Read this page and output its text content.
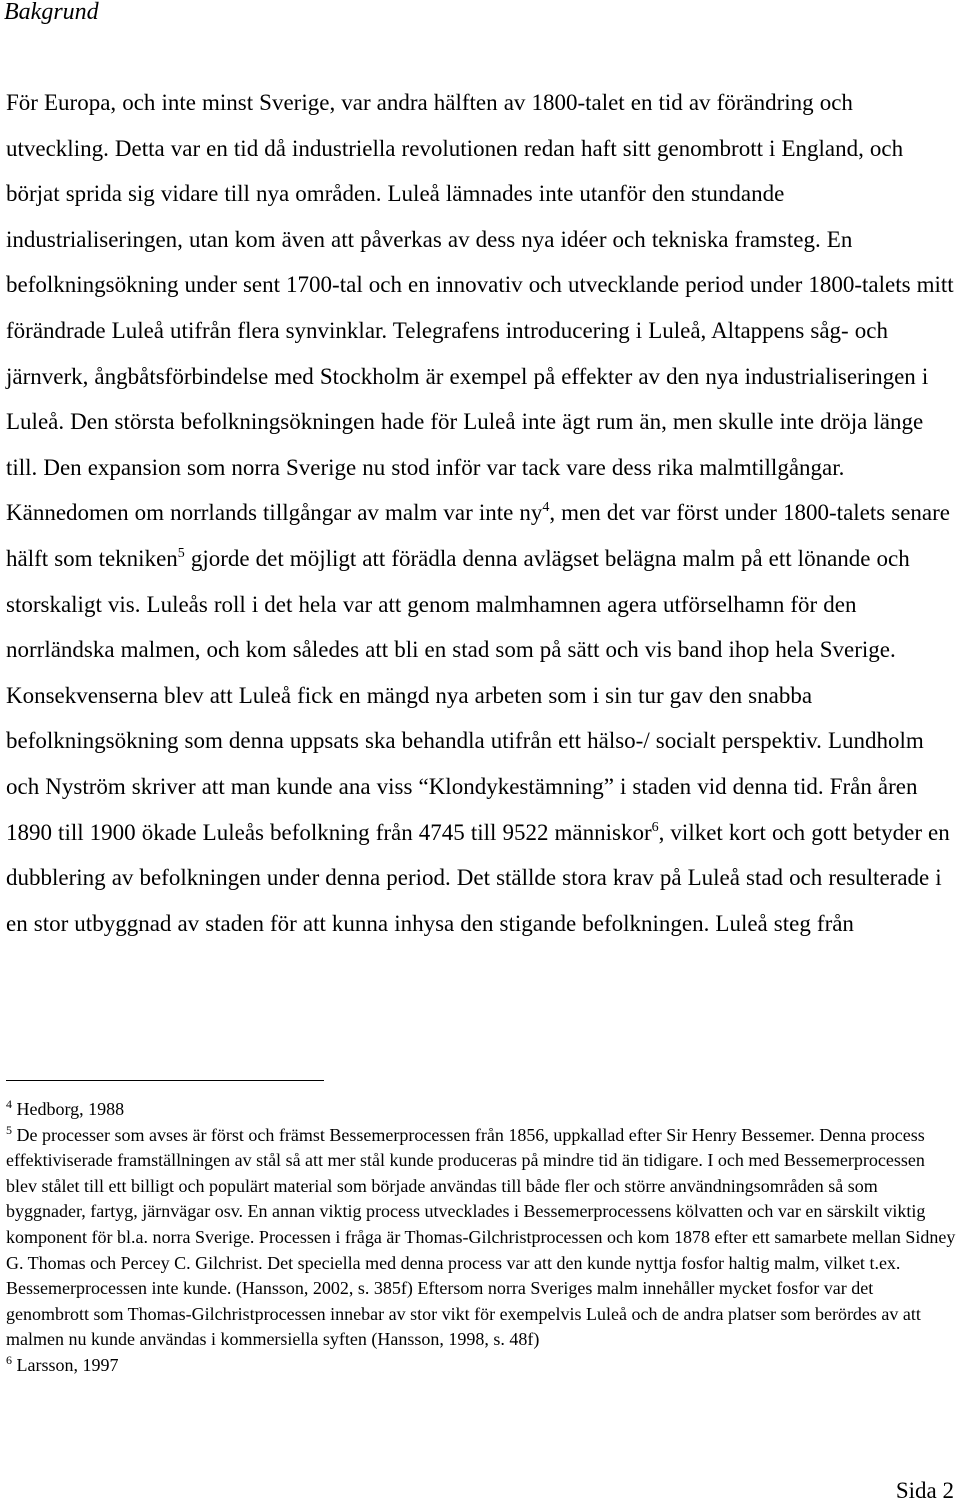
Bakgrund

För Europa, och inte minst Sverige, var andra hälften av 1800-talet en tid av förändring och utveckling. Detta var en tid då industriella revolutionen redan haft sitt genombrott i England, och börjat sprida sig vidare till nya områden. Luleå lämnades inte utanför den stundande industrialiseringen, utan kom även att påverkas av dess nya idéer och tekniska framsteg. En befolkningsökning under sent 1700-tal och en innovativ och utvecklande period under 1800-talets mitt förändrade Luleå utifrån flera synvinklar. Telegrafens introducering i Luleå, Altappens såg- och järnverk, ångbåtsförbindelse med Stockholm är exempel på effekter av den nya industrialiseringen i Luleå. Den största befolkningsökningen hade för Luleå inte ägt rum än, men skulle inte dröja länge till. Den expansion som norra Sverige nu stod inför var tack vare dess rika malmtillgångar. Kännedomen om norrlands tillgångar av malm var inte $ny^4$, men det var först under 1800-talets senare hälft som tekniken$^5$ gjorde det möjligt att förädla denna avlägset belägna malm på ett lönande och storskaligt vis. Luleås roll i det hela var att genom malmhamnen agera utförselhamn för den norrländska malmen, och kom således att bli en stad som på sätt och vis band ihop hela Sverige. Konsekvenserna blev att Luleå fick en mängd nya arbeten som i sin tur gav den snabba befolkningsökning som denna uppsats ska behandla utifrån ett hälso-/ socialt perspektiv. Lundholm och Nyström skriver att man kunde ana viss “Klondykestämning” i staden vid denna tid. Från åren 1890 till 1900 ökade Luleås befolkning från 4745 till 9522 människor$^6$, vilket kort och gott betyder en dubblering av befolkningen under denna period. Det ställde stora krav på Luleå stad och resulterade i en stor utbyggnad av staden för att kunna inhysa den stigande befolkningen. Luleå steg från

$^4$ Hedborg, 1988

$^5$ De processer som avses är först och främst Bessemerprocessen från 1856, uppkallad efter Sir Henry Bessemer. Denna process effektiviserade framställningen av stål så att mer stål kunde produceras på mindre tid än tidigare. I och med Bessemerprocessen blev stålet till ett billigt och populärt material som började användas till både fler och större användningsområden så som byggnader, fartyg, järnvägar osv. En annan viktig process utvecklades i Bessemerprocessens kölvatten och var en särskilt viktig komponent för bl.a. norra Sverige. Processen i fråga är Thomas-Gilchristprocessen och kom 1878 efter ett samarbete mellan Sidney G. Thomas och Percey C. Gilchrist. Det speciella med denna process var att den kunde nyttja fosfor haltig malm, vilket t.ex. Bessemerprocessen inte kunde. (Hansson, 2002, s. 385f) Eftersom norra Sveriges malm innehåller mycket fosfor var det genombrott som Thomas-Gilchristprocessen innebar av stor vikt för exempelvis Luleå och de andra platser som berördes av att malmen nu kunde användas i kommersiella syften (Hansson, 1998, s. 48f)

$^6$ Larsson, 1997

Sida 2
